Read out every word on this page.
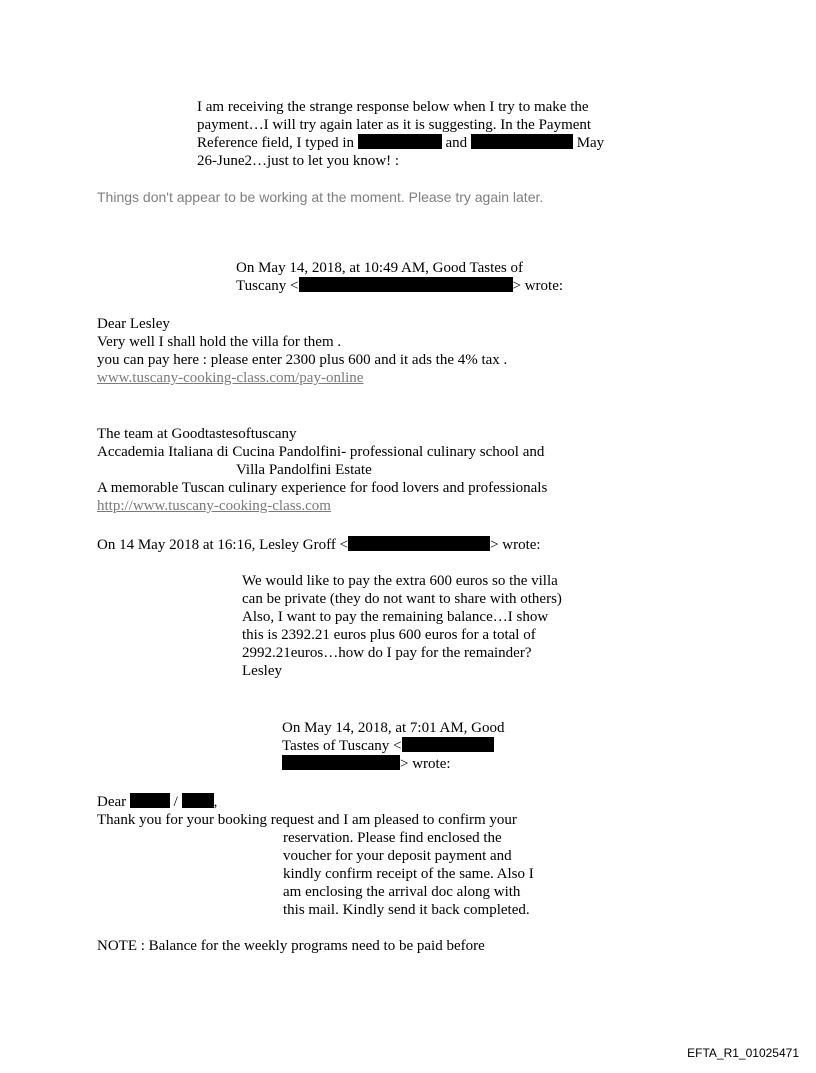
I am receiving the strange response below when I try to make the
payment…I will try again later as it is suggesting. In the Payment
Reference field, I typed in	and	May
26-June2…just to let you know! :
Things don't appear to be working at the moment. Please try again later.
On May 14, 2018, at 10:49 AM, Good Tastes of
Tuscany <	> wrote:
Dear Lesley
Very well I shall hold the villa for them .
you can pay here : please enter 2300 plus 600 and it ads the 4% tax .
www.tuscany-cooking-class.com/pay-online
The team at Goodtastesoftuscany
Accademia Italiana di Cucina Pandolfini- professional culinary school and
Villa Pandolfini Estate
A memorable Tuscan culinary experience for food lovers and professionals
http://www.tuscany-cooking-class.com
On 14 May 2018 at 16:16, Lesley Groff <	> wrote:
We would like to pay the extra 600 euros so the villa
can be private (they do not want to share with others)
Also, I want to pay the remaining balance…I show
this is 2392.21 euros plus 600 euros for a total of
2992.21euros…how do I pay for the remainder?
Lesley
On May 14, 2018, at 7:01 AM, Good
Tastes of Tuscany <
> wrote:
Dear	/ ,
Thank you for your booking request and I am pleased to confirm your
reservation. Please find enclosed the
voucher for your deposit payment and
kindly confirm receipt of the same. Also I
am enclosing the arrival doc along with
this mail. Kindly send it back completed.
NOTE : Balance for the weekly programs need to be paid before
EFTA_R1_01025471
